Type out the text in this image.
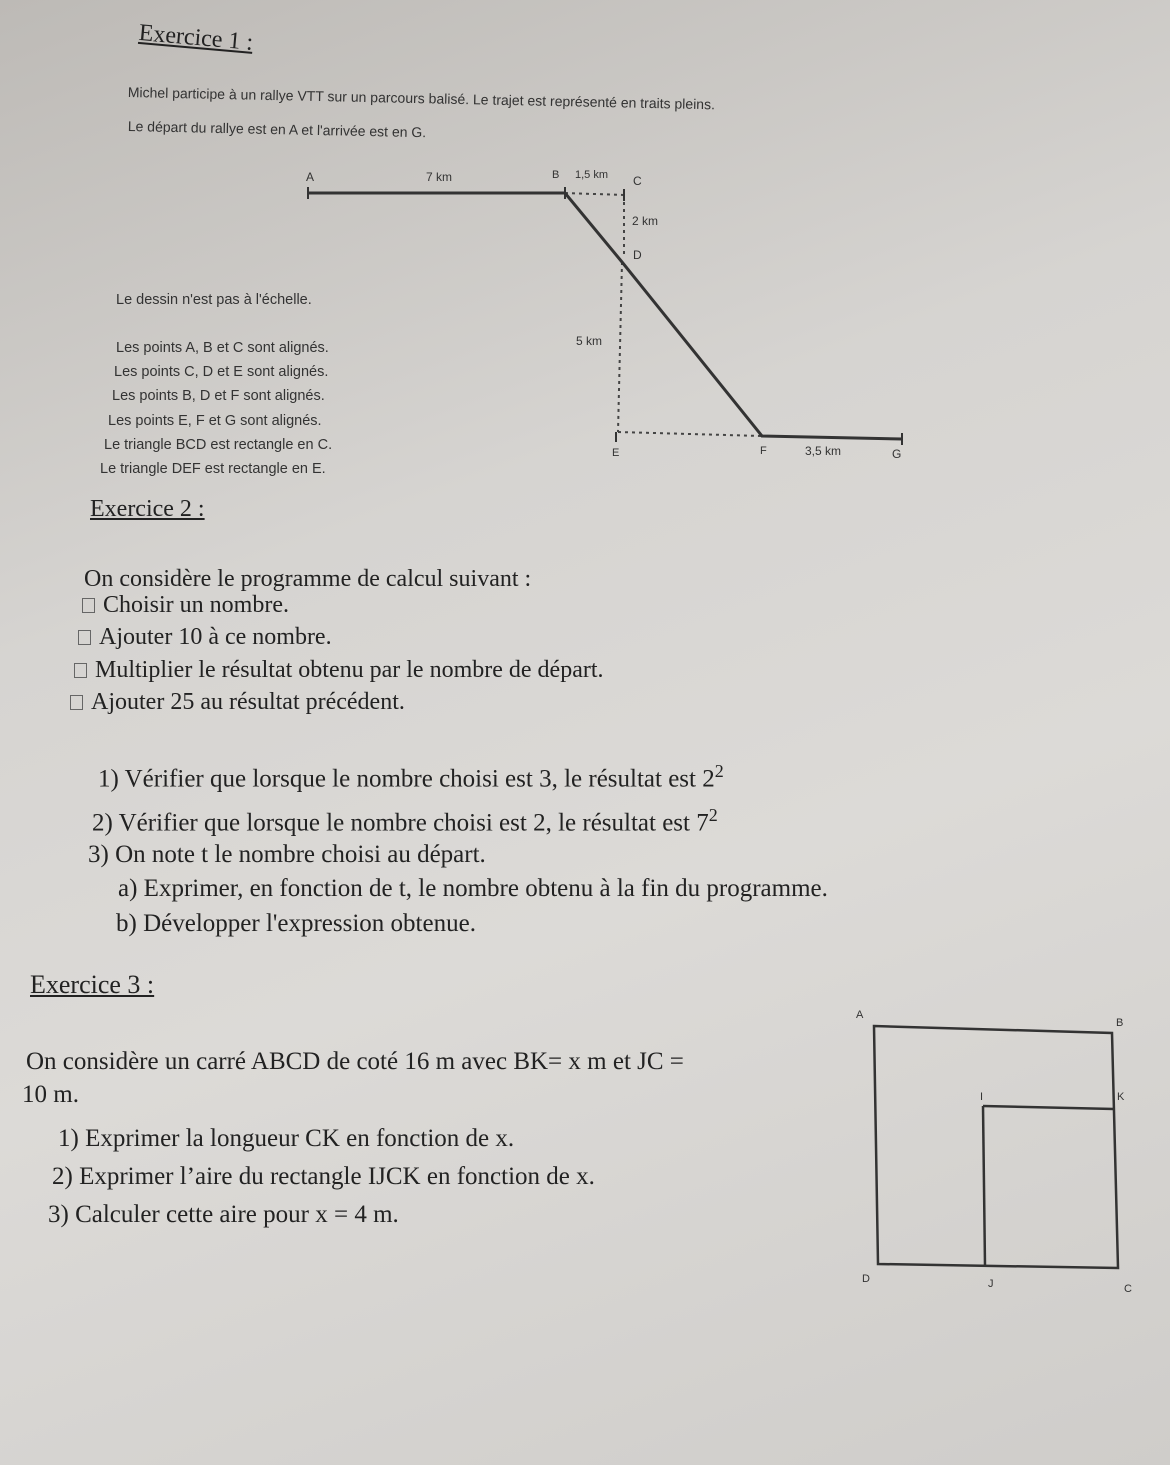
Exercice 1 :
Michel participe à un rallye VTT sur un parcours balisé. Le trajet est représenté en traits pleins.
Le départ du rallye est en A et l'arrivée est en G.
A	7 km	B 1,5 km C
2 km
D
5 km
E	F	3,5 km	G
Le dessin n'est pas à l'échelle.
Les points A, B et C sont alignés.
Les points C, D et E sont alignés.
Les points B, D et F sont alignés.
Les points E, F et G sont alignés.
Le triangle BCD est rectangle en C.
Le triangle DEF est rectangle en E.
Exercice 2 :
On considère le programme de calcul suivant :
Choisir un nombre.
Ajouter 10 à ce nombre.
Multiplier le résultat obtenu par le nombre de départ.
Ajouter 25 au résultat précédent.
1) Vérifier que lorsque le nombre choisi est 3, le résultat est $2^2$
2) Vérifier que lorsque le nombre choisi est 2, le résultat est $7^2$
3) On note t le nombre choisi au départ.
a) Exprimer, en fonction de t, le nombre obtenu à la fin du programme.
b) Développer l'expression obtenue.
Exercice 3 :
On considère un carré ABCD de coté 16 m avec BK= x m et JC =
10 m.
1) Exprimer la longueur CK en fonction de x.
2) Exprimer l’aire du rectangle IJCK en fonction de x.
3) Calculer cette aire pour x = 4 m.
A
B
I	K
D	J	C
